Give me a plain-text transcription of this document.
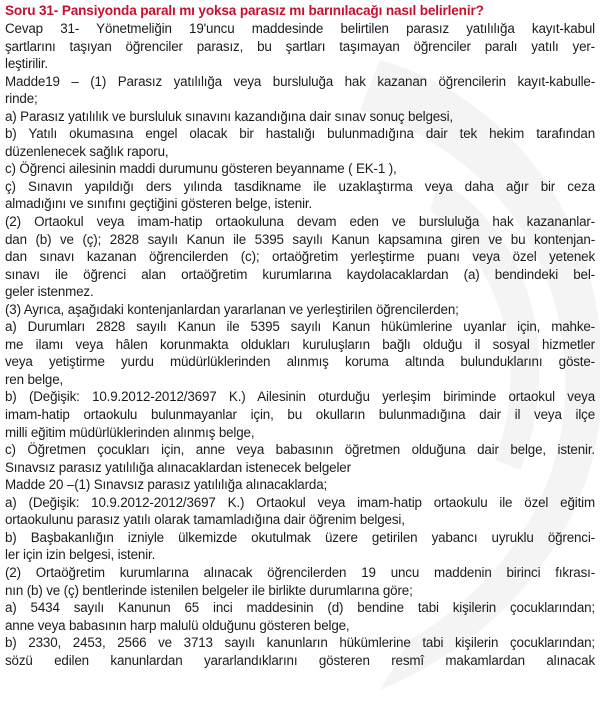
Soru 31- Pansiyonda paralı mı yoksa parasız mı barınılacağı nasıl belirlenir?
Cevap 31- Yönetmeliğin 19'uncu maddesinde belirtilen parasız yatılılığa kayıt-kabul
şartlarını taşıyan öğrenciler parasız, bu şartları taşımayan öğrenciler paralı yatılı yer-
leştirilir.
Madde19 – (1) Parasız yatılılığa veya bursluluğa hak kazanan öğrencilerin kayıt-kabulle-
rinde;
a) Parasız yatılılık ve bursluluk sınavını kazandığına dair sınav sonuç belgesi,
b) Yatılı okumasına engel olacak bir hastalığı bulunmadığına dair tek hekim tarafından
düzenlenecek sağlık raporu,
c) Öğrenci ailesinin maddi durumunu gösteren beyanname ( EK-1 ),
ç) Sınavın yapıldığı ders yılında tasdikname ile uzaklaştırma veya daha ağır bir ceza
almadığını ve sınıfını geçtiğini gösteren belge, istenir.
(2) Ortaokul veya imam-hatip ortaokuluna devam eden ve bursluluğa hak kazananlar-
dan (b) ve (ç); 2828 sayılı Kanun ile 5395 sayılı Kanun kapsamına giren ve bu kontenjan-
dan sınavı kazanan öğrencilerden (c); ortaöğretim yerleştirme puanı veya özel yetenek
sınavı ile öğrenci alan ortaöğretim kurumlarına kaydolacaklardan (a) bendindeki bel-
geler istenmez.
(3) Ayrıca, aşağıdaki kontenjanlardan yararlanan ve yerleştirilen öğrencilerden;
a) Durumları 2828 sayılı Kanun ile 5395 sayılı Kanun hükümlerine uyanlar için, mahke-
me ilamı veya hâlen korunmakta oldukları kuruluşların bağlı olduğu il sosyal hizmetler
veya yetiştirme yurdu müdürlüklerinden alınmış koruma altında bulunduklarını göste-
ren belge,
b) (Değişik: 10.9.2012-2012/3697 K.) Ailesinin oturduğu yerleşim biriminde ortaokul veya
imam-hatip ortaokulu bulunmayanlar için, bu okulların bulunmadığına dair il veya ilçe
milli eğitim müdürlüklerinden alınmış belge,
c) Öğretmen çocukları için, anne veya babasının öğretmen olduğuna dair belge, istenir.
Sınavsız parasız yatılılığa alınacaklardan istenecek belgeler
Madde 20 –(1) Sınavsız parasız yatılılığa alınacaklarda;
a) (Değişik: 10.9.2012-2012/3697 K.) Ortaokul veya imam-hatip ortaokulu ile özel eğitim
ortaokulunu parasız yatılı olarak tamamladığına dair öğrenim belgesi,
b) Başbakanlığın izniyle ülkemizde okutulmak üzere getirilen yabancı uyruklu öğrenci-
ler için izin belgesi, istenir.
(2) Ortaöğretim kurumlarına alınacak öğrencilerden 19 uncu maddenin birinci fıkrası-
nın (b) ve (ç) bentlerinde istenilen belgeler ile birlikte durumlarına göre;
a) 5434 sayılı Kanunun 65 inci maddesinin (d) bendine tabi kişilerin çocuklarından;
anne veya babasının harp malulü olduğunu gösteren belge,
b) 2330, 2453, 2566 ve 3713 sayılı kanunların hükümlerine tabi kişilerin çocuklarından;
sözü edilen kanunlardan yararlandıklarını gösteren resmî makamlardan alınacak
